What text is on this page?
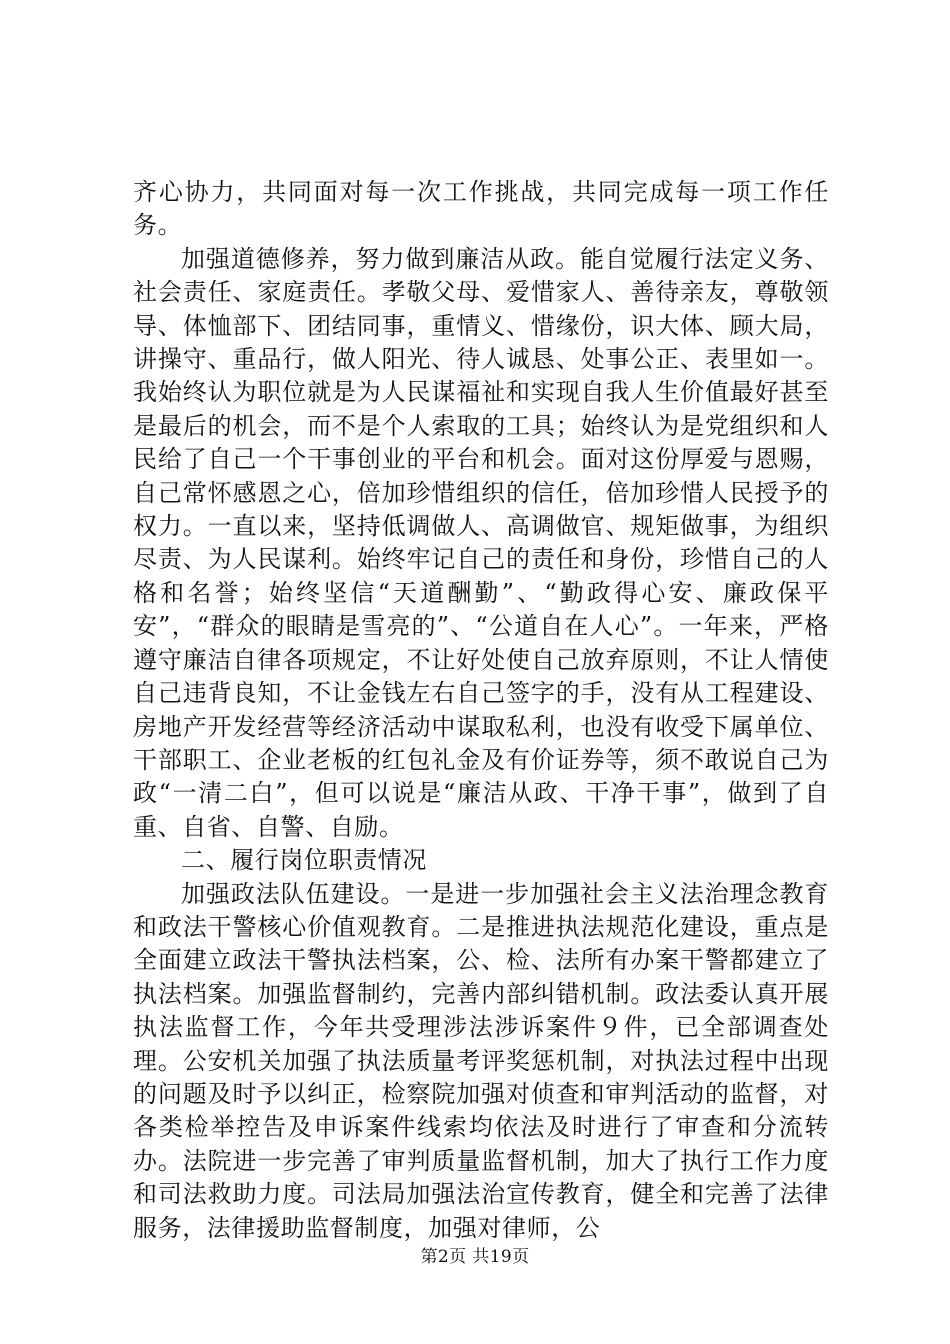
齐心协力，共同面对每一次工作挑战，共同完成每一项工作任务。

加强道德修养，努力做到廉洁从政。能自觉履行法定义务、社会责任、家庭责任。孝敬父母、爱惜家人、善待亲友，尊敬领导、体恤部下、团结同事，重情义、惜缘份，识大体、顾大局，讲操守、重品行，做人阳光、待人诚恳、处事公正、表里如一。我始终认为职位就是为人民谋福祉和实现自我人生价值最好甚至是最后的机会，而不是个人索取的工具；始终认为是党组织和人民给了自己一个干事创业的平台和机会。面对这份厚爱与恩赐，自己常怀感恩之心，倍加珍惜组织的信任，倍加珍惜人民授予的权力。一直以来，坚持低调做人、高调做官、规矩做事，为组织尽责、为人民谋利。始终牢记自己的责任和身份，珍惜自己的人格和名誉；始终坚信“天道酬勤”、“勤政得心安、廉政保平安”，“群众的眼睛是雪亮的”、“公道自在人心”。一年来，严格遵守廉洁自律各项规定，不让好处使自己放弃原则，不让人情使自己违背良知，不让金钱左右自己签字的手，没有从工程建设、房地产开发经营等经济活动中谋取私利，也没有收受下属单位、干部职工、企业老板的红包礼金及有价证券等，须不敢说自己为政“一清二白”，但可以说是“廉洁从政、干净干事”，做到了自重、自省、自警、自励。

二、履行岗位职责情况

加强政法队伍建设。一是进一步加强社会主义法治理念教育和政法干警核心价值观教育。二是推进执法规范化建设，重点是全面建立政法干警执法档案，公、检、法所有办案干警都建立了执法档案。加强监督制约，完善内部纠错机制。政法委认真开展执法监督工作，今年共受理涉法涉诉案件９件，已全部调查处理。公安机关加强了执法质量考评奖惩机制，对执法过程中出现的问题及时予以纠正，检察院加强对侦查和审判活动的监督，对各类检举控告及申诉案件线索均依法及时进行了审查和分流转办。法院进一步完善了审判质量监督机制，加大了执行工作力度和司法救助力度。司法局加强法治宣传教育，健全和完善了法律服务，法律援助监督制度，加强对律师，公

第2页 共19页
